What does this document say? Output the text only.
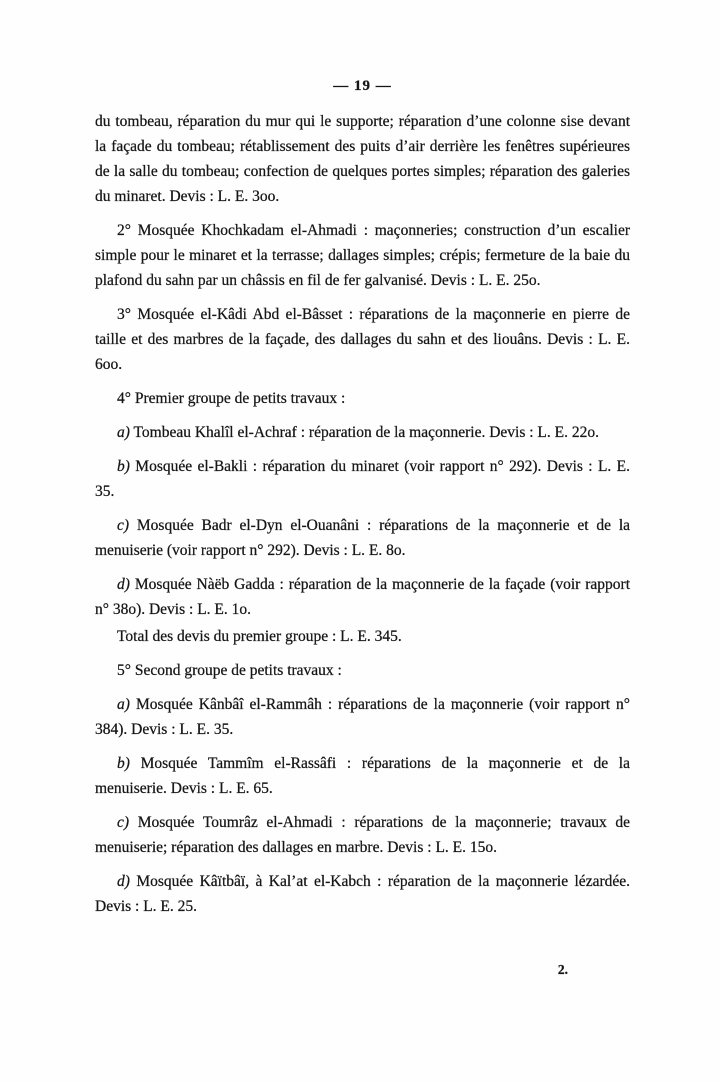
— 19 —

du tombeau, réparation du mur qui le supporte; réparation d’une colonne sise devant la façade du tombeau; rétablissement des puits d’air derrière les fenêtres supérieures de la salle du tombeau; confection de quelques portes simples; réparation des galeries du minaret. Devis : L. E. 3oo.

2° Mosquée Khochkadam el-Ahmadi : maçonneries; construction d’un escalier simple pour le minaret et la terrasse; dallages simples; crépis; fermeture de la baie du plafond du sahn par un châssis en fil de fer galvanisé. Devis : L. E. 25o.

3° Mosquée el-Kâdi Abd el-Bâsset : réparations de la maçonnerie en pierre de taille et des marbres de la façade, des dallages du sahn et des liouâns. Devis : L. E. 6oo.

4° Premier groupe de petits travaux :

a) Tombeau Khalîl el-Achraf : réparation de la maçonnerie. Devis : L. E. 22o.

b) Mosquée el-Bakli : réparation du minaret (voir rapport n° 292). Devis : L. E. 35.

c) Mosquée Badr el-Dyn el-Ouanâni : réparations de la maçonnerie et de la menuiserie (voir rapport n° 292). Devis : L. E. 8o.

d) Mosquée Nàëb Gadda : réparation de la maçonnerie de la façade (voir rapport n° 38o). Devis : L. E. 1o.

Total des devis du premier groupe : L. E. 345.

5° Second groupe de petits travaux :

a) Mosquée Kânbâî el-Rammâh : réparations de la maçonnerie (voir rapport n° 384). Devis : L. E. 35.

b) Mosquée Tammîm el-Rassâfi : réparations de la maçonnerie et de la menuiserie. Devis : L. E. 65.

c) Mosquée Toumrâz el-Ahmadi : réparations de la maçonnerie; travaux de menuiserie; réparation des dallages en marbre. Devis : L. E. 15o.

d) Mosquée Kâïtbâï, à Kal’at el-Kabch : réparation de la maçonnerie lézardée. Devis : L. E. 25.

2.
